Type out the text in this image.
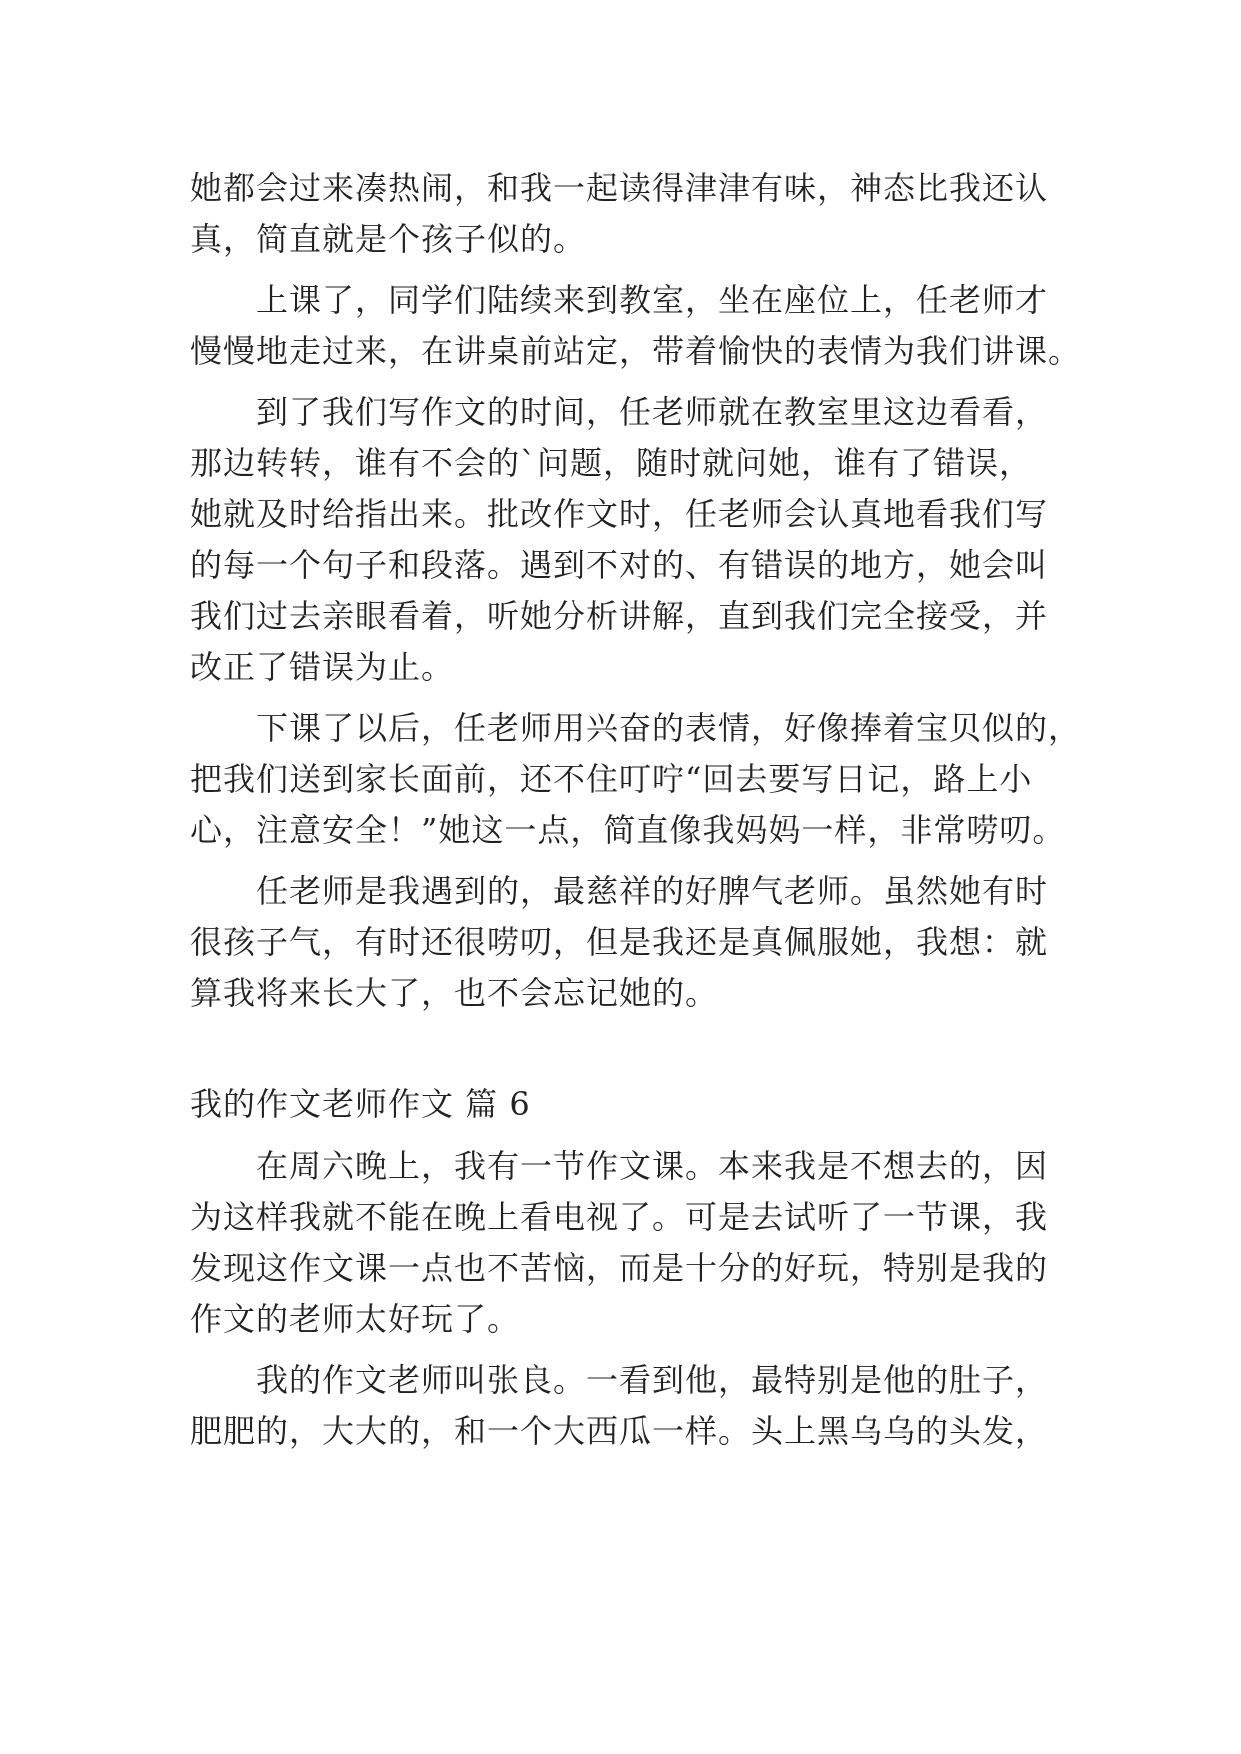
她都会过来凑热闹，和我一起读得津津有味，神态比我还认
真，简直就是个孩子似的。
上课了，同学们陆续来到教室，坐在座位上，任老师才
慢慢地走过来，在讲桌前站定，带着愉快的表情为我们讲课。
到了我们写作文的时间，任老师就在教室里这边看看，
那边转转，谁有不会的`问题，随时就问她，谁有了错误，
她就及时给指出来。批改作文时，任老师会认真地看我们写
的每一个句子和段落。遇到不对的、有错误的地方，她会叫
我们过去亲眼看着，听她分析讲解，直到我们完全接受，并
改正了错误为止。
下课了以后，任老师用兴奋的表情，好像捧着宝贝似的，
把我们送到家长面前，还不住叮咛“回去要写日记，路上小
心，注意安全！”她这一点，简直像我妈妈一样，非常唠叨。
任老师是我遇到的，最慈祥的好脾气老师。虽然她有时
很孩子气，有时还很唠叨，但是我还是真佩服她，我想：就
算我将来长大了，也不会忘记她的。
我的作文老师作文 篇 6
在周六晚上，我有一节作文课。本来我是不想去的，因
为这样我就不能在晚上看电视了。可是去试听了一节课，我
发现这作文课一点也不苦恼，而是十分的好玩，特别是我的
作文的老师太好玩了。
我的作文老师叫张良。一看到他，最特别是他的肚子，
肥肥的，大大的，和一个大西瓜一样。头上黑乌乌的头发，
